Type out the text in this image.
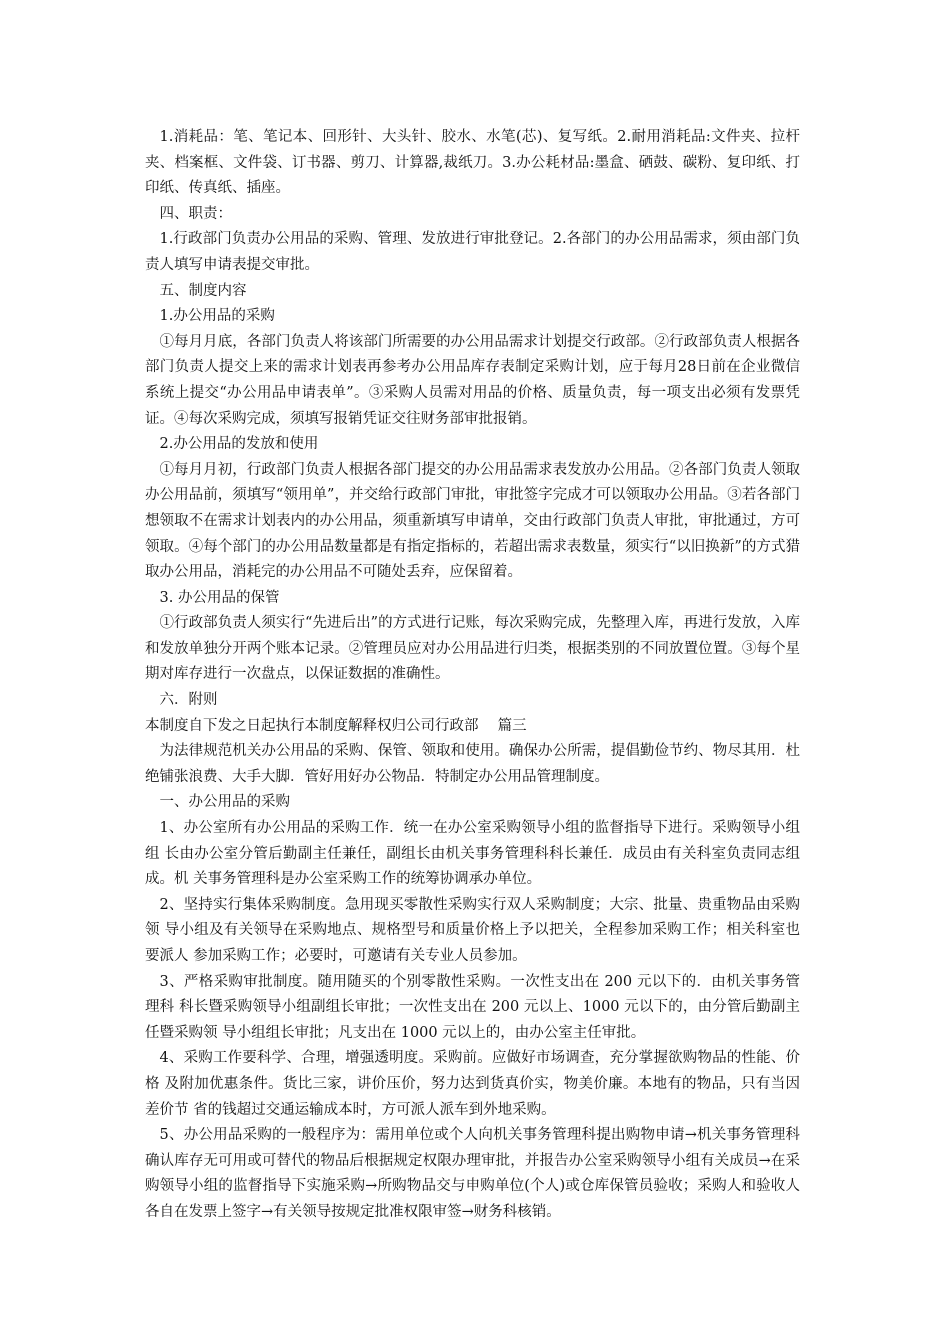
1.消耗品：笔、笔记本、回形针、大头针、胶水、水笔(芯)、复写纸。2.耐用消耗品:文件夹、拉杆夹、档案框、文件袋、订书器、剪刀、计算器,裁纸刀。3.办公耗材品:墨盒、硒鼓、碳粉、复印纸、打印纸、传真纸、插座。

四、职责：

1.行政部门负责办公用品的采购、管理、发放进行审批登记。2.各部门的办公用品需求，须由部门负责人填写申请表提交审批。

五、制度内容

1.办公用品的采购

①每月月底，各部门负责人将该部门所需要的办公用品需求计划提交行政部。②行政部负责人根据各部门负责人提交上来的需求计划表再参考办公用品库存表制定采购计划，应于每月28日前在企业微信系统上提交“办公用品申请表单”。③采购人员需对用品的价格、质量负责，每一项支出必须有发票凭证。④每次采购完成，须填写报销凭证交往财务部审批报销。

2.办公用品的发放和使用

①每月月初，行政部门负责人根据各部门提交的办公用品需求表发放办公用品。②各部门负责人领取办公用品前，须填写“领用单”，并交给行政部门审批，审批签字完成才可以领取办公用品。③若各部门想领取不在需求计划表内的办公用品，须重新填写申请单，交由行政部门负责人审批，审批通过，方可领取。④每个部门的办公用品数量都是有指定指标的，若超出需求表数量，须实行“以旧换新”的方式猎取办公用品，消耗完的办公用品不可随处丢弃，应保留着。

3. 办公用品的保管

①行政部负责人须实行“先进后出”的方式进行记账，每次采购完成，先整理入库，再进行发放，入库和发放单独分开两个账本记录。②管理员应对办公用品进行归类，根据类别的不同放置位置。③每个星期对库存进行一次盘点，以保证数据的准确性。

六．附则

本制度自下发之日起执行本制度解释权归公司行政部　 篇三

为法律规范机关办公用品的采购、保管、领取和使用。确保办公所需，提倡勤俭节约、物尽其用．杜绝铺张浪费、大手大脚．管好用好办公物品．特制定办公用品管理制度。

一、办公用品的采购

1、办公室所有办公用品的采购工作．统一在办公室采购领导小组的监督指导下进行。采购领导小组组 长由办公室分管后勤副主任兼任，副组长由机关事务管理科科长兼任．成员由有关科室负责同志组成。机 关事务管理科是办公室采购工作的统筹协调承办单位。

2、坚持实行集体采购制度。急用现买零散性采购实行双人采购制度；大宗、批量、贵重物品由采购领 导小组及有关领导在采购地点、规格型号和质量价格上予以把关，全程参加采购工作；相关科室也要派人 参加采购工作；必要时，可邀请有关专业人员参加。

3、严格采购审批制度。随用随买的个别零散性采购。一次性支出在 200 元以下的．由机关事务管理科 科长暨采购领导小组副组长审批；一次性支出在 200 元以上、1000 元以下的，由分管后勤副主任暨采购领 导小组组长审批；凡支出在 1000 元以上的，由办公室主任审批。

4、采购工作要科学、合理，增强透明度。采购前。应做好市场调查，充分掌握欲购物品的性能、价格 及附加优惠条件。货比三家，讲价压价，努力达到货真价实，物美价廉。本地有的物品，只有当因差价节 省的钱超过交通运输成本时，方可派人派车到外地采购。

5、办公用品采购的一般程序为：需用单位或个人向机关事务管理科提出购物申请→机关事务管理科确认库存无可用或可替代的物品后根据规定权限办理审批，并报告办公室采购领导小组有关成员→在采购领导小组的监督指导下实施采购→所购物品交与申购单位(个人)或仓库保管员验收；采购人和验收人各自在发票上签字→有关领导按规定批准权限审签→财务科核销。
